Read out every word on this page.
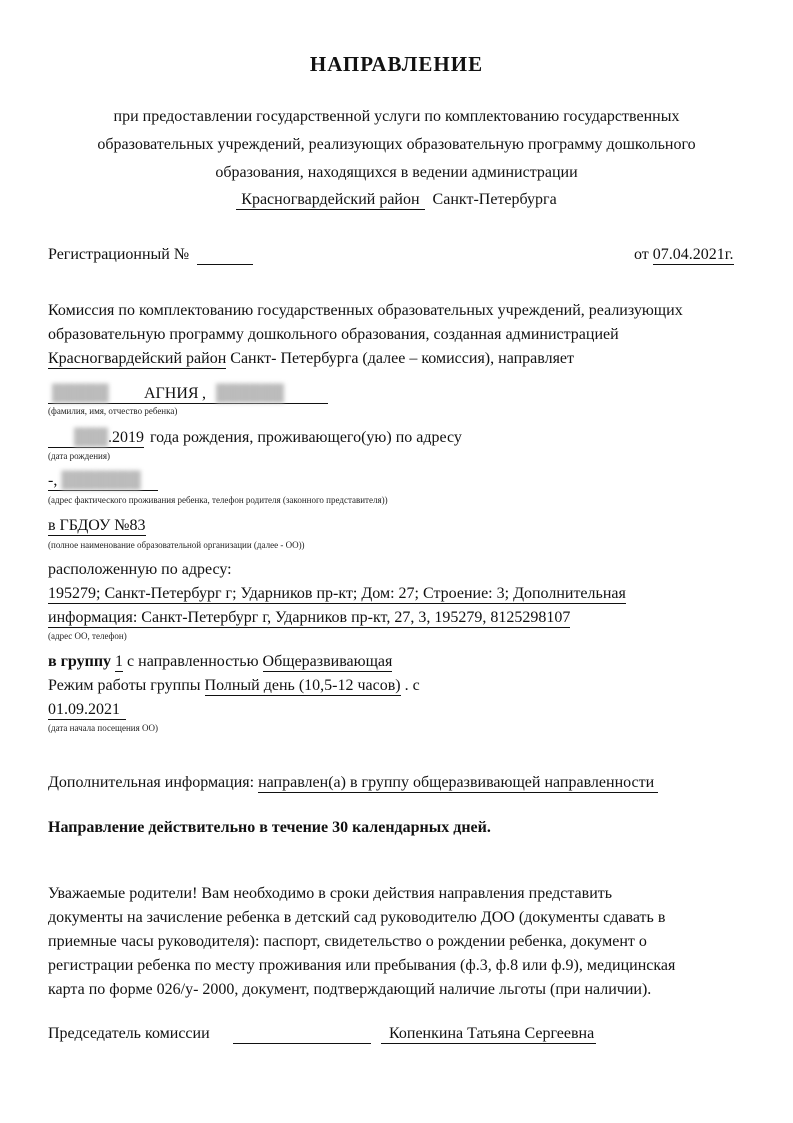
НАПРАВЛЕНИЕ
при предоставлении государственной услуги по комплектованию государственных
образовательных учреждений, реализующих образовательную программу дошкольного
образования, находящихся в ведении администрации
Красногвардейский район Санкт-Петербурга
Регистрационный №	от 07.04.2021г.
Комиссия по комплектованию государственных образовательных учреждений, реализующих
образовательную программу дошкольного образования, созданная администрацией
Красногвардейский район Санкт- Петербурга (далее – комиссия), направляет
█████ АГНИЯ , ██████
(фамилия, имя, отчество ребенка)
███.2019 года рождения, проживающего(ую) по адресу
(дата рождения)
-, ███████
(адрес фактического проживания ребенка, телефон родителя (законного представителя))
в ГБДОУ №83
(полное наименование образовательной организации (далее - ОО))
расположенную по адресу:
195279; Санкт-Петербург г; Ударников пр-кт; Дом: 27; Строение: 3; Дополнительная
информация: Санкт-Петербург г, Ударников пр-кт, 27, 3, 195279, 8125298107
(адрес ОО, телефон)
в группу 1 с направленностью Общеразвивающая
Режим работы группы Полный день (10,5-12 часов) . с
01.09.2021
(дата начала посещения ОО)
Дополнительная информация: направлен(а) в группу общеразвивающей направленности
Направление действительно в течение 30 календарных дней.
Уважаемые родители! Вам необходимо в сроки действия направления представить
документы на зачисление ребенка в детский сад руководителю ДОО (документы сдавать в
приемные часы руководителя): паспорт, свидетельство о рождении ребенка, документ о
регистрации ребенка по месту проживания или пребывания (ф.3, ф.8 или ф.9), медицинская
карта по форме 026/у- 2000, документ, подтверждающий наличие льготы (при наличии).
Председатель комиссии	Копенкина Татьяна Сергеевна
